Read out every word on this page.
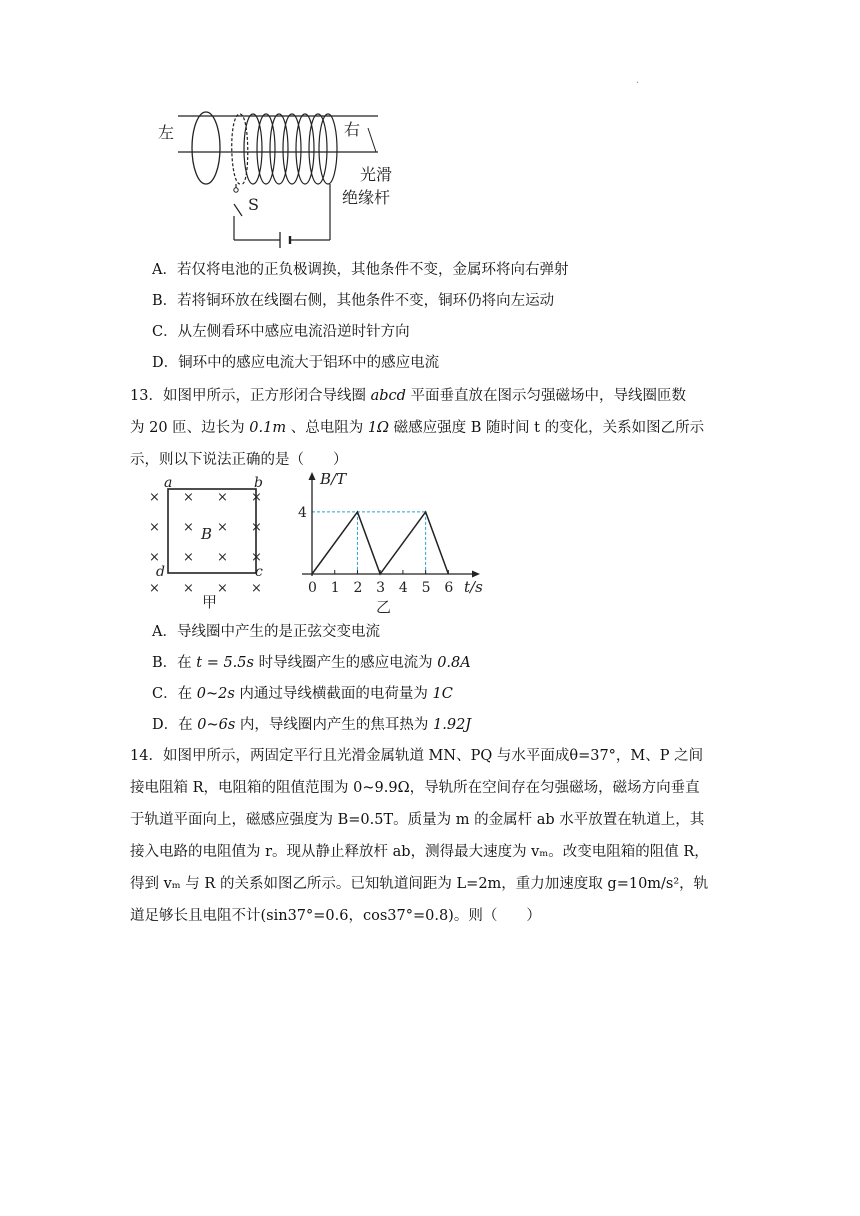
·
左	右
S
光滑
绝缘杆
A．若仅将电池的正负极调换，其他条件不变，金属环将向右弹射
B．若将铜环放在线圈右侧，其他条件不变，铜环仍将向左运动
C．从左侧看环中感应电流沿逆时针方向
D．铜环中的感应电流大于铝环中的感应电流
13．如图甲所示，正方形闭合导线圈 abcd 平面垂直放在图示匀强磁场中，导线圈匝数
为 20 匝、边长为 0.1m 、总电阻为 1Ω 磁感应强度 B 随时间 t 的变化，关系如图乙所示
示，则以下说法正确的是（　　）
×
×
×
×
×
×
×
×
×
×
×
×
×
×
×
×
a	b
c
d
B
甲
0 1 2 3 4 5 6
4
B/T
t/s
乙
A．导线圈中产生的是正弦交变电流
B．在 t = 5.5s 时导线圈产生的感应电流为 0.8A
C．在 0~2s 内通过导线横截面的电荷量为 1C
D．在 0~6s 内，导线圈内产生的焦耳热为 1.92J
14．如图甲所示，两固定平行且光滑金属轨道 MN、PQ 与水平面成θ=37°，M、P 之间
接电阻箱 R，电阻箱的阻值范围为 0~9.9Ω，导轨所在空间存在匀强磁场，磁场方向垂直
于轨道平面向上，磁感应强度为 B=0.5T。质量为 m 的金属杆 ab 水平放置在轨道上，其
接入电路的电阻值为 r。现从静止释放杆 ab，测得最大速度为 vₘ。改变电阻箱的阻值 R，
得到 vₘ 与 R 的关系如图乙所示。已知轨道间距为 L=2m，重力加速度取 g=10m/s²，轨
道足够长且电阻不计(sin37°=0.6，cos37°=0.8)。则（　　）
